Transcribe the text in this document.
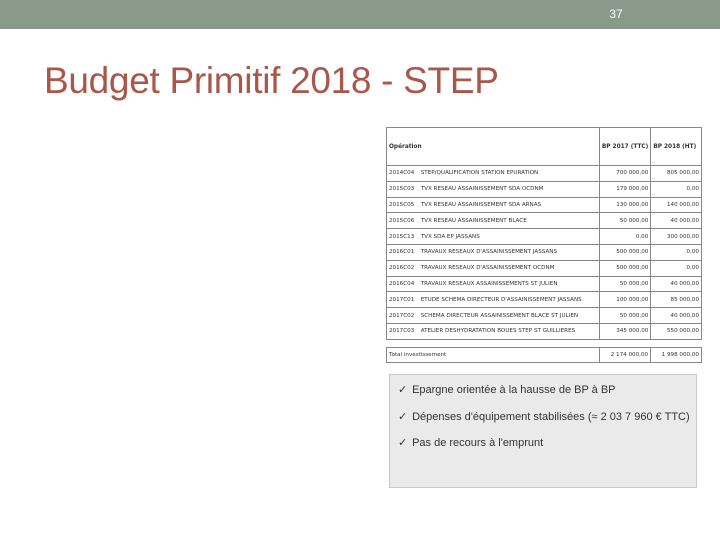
37
Budget Primitif 2018 - STEP
Opération		BP 2017 (TTC)	BP 2018 (HT)
2014C04	STEP/QUALIFICATION STATION EPURATION	700 000,00	805 000,00
2015C03	TVX RESEAU ASSAINISSEMENT SDA OCDNM	179 000,00	0,00
2015C05	TVX RESEAU ASSAINISSEMENT SDA ARNAS	130 000,00	140 000,00
2015C06	TVX RESEAU ASSAINISSEMENT BLACE	50 000,00	40 000,00
2015C13	TVX SDA EP JASSANS	0,00	300 000,00
2016C01	TRAVAUX RESEAUX D'ASSAINISSEMENT JASSANS	500 000,00	0,00
2016C02	TRAVAUX RESEAUX D'ASSAINISSEMENT OCDNM	500 000,00	0,00
2016C04	TRAVAUX RESEAUX ASSAINISSEMENTS ST JULIEN	50 000,00	40 000,00
2017C01	ETUDE SCHEMA DIRECTEUR D'ASSAINISSEMENT JASSANS	100 000,00	85 000,00
2017C02	SCHEMA DIRECTEUR ASSAINISSEMENT BLACE ST JULIEN	50 000,00	40 000,00
2017C03	ATELIER DESHYDRATATION BOUES STEP ST GUILLIERES	345 000,00	550 000,00
Total investissement	2 174 000,00	1 998 000,00
✓ Epargne orientée à la hausse de BP à BP
✓ Dépenses d'équipement stabilisées (≈ 2 03 7 960 € TTC)
✓ Pas de recours à l'emprunt
